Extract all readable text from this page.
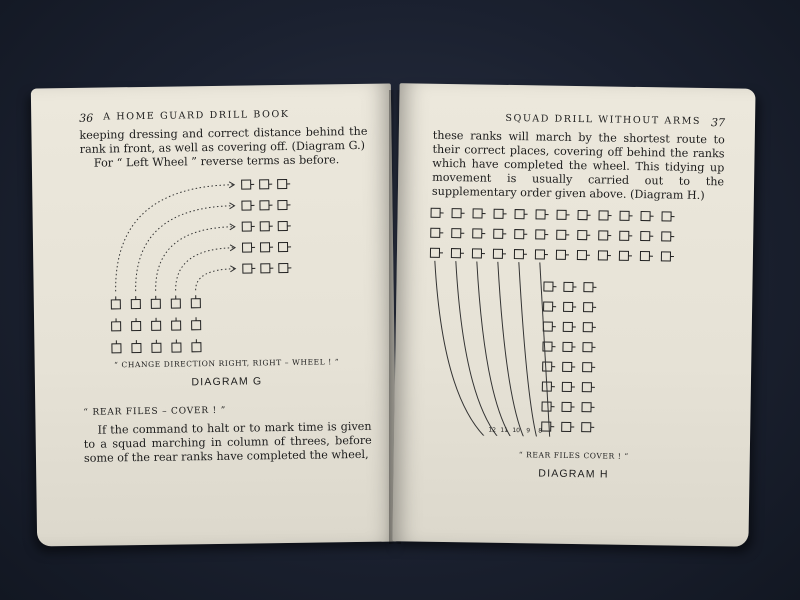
36 A HOME GUARD DRILL BOOK

keeping dressing and correct distance behind the rank in front, as well as covering off. (Diagram G.)

For “ Left Wheel ” reverse terms as before.

“ CHANGE DIRECTION RIGHT, RIGHT – WHEEL ! ”
DIAGRAM G
“ REAR FILES – COVER ! ”

If the command to halt or to mark time is given to a squad marching in column of threes, before some of the rear ranks have completed the wheel,

SQUAD DRILL WITHOUT ARMS 37

these ranks will march by the shortest route to their correct places, covering off behind the ranks which have completed the wheel. This tidying up movement is usually carried out to the supplementary order given above. (Diagram H.)

12 11 10 9 8
“ REAR FILES COVER ! ”
DIAGRAM H
